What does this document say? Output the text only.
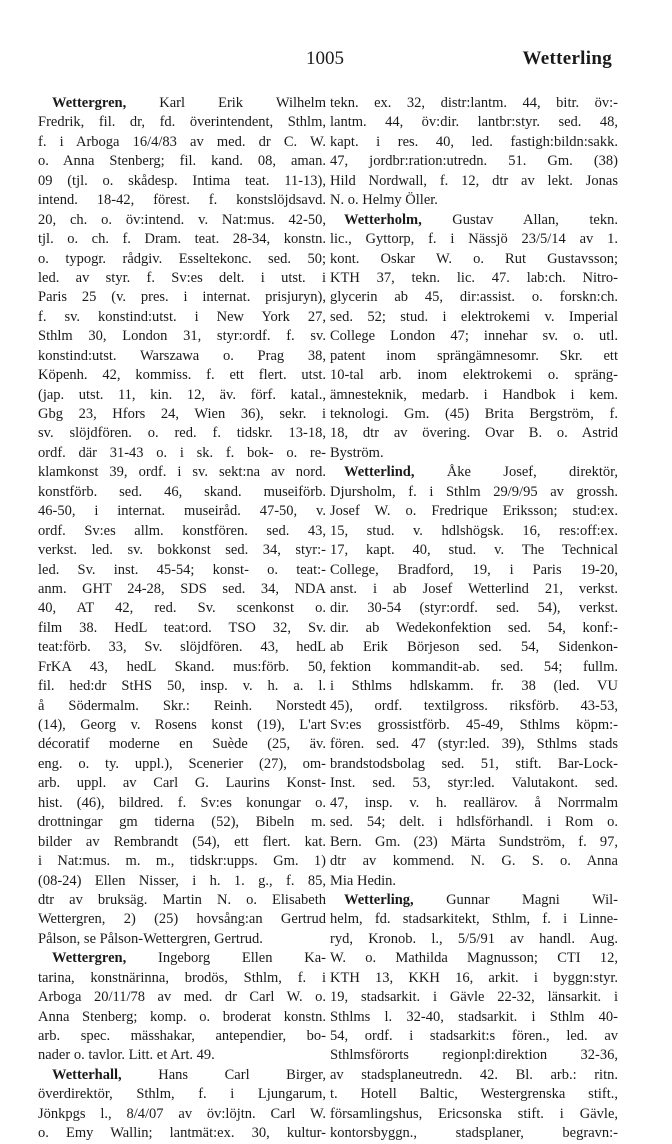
1005	Wetterling
Wettergren, Karl Erik Wilhelm
Fredrik, fil. dr, fd. överintendent, Sthlm,
f. i Arboga 16/4/83 av med. dr C. W.
o. Anna Stenberg; fil. kand. 08, aman.
09 (tjl. o. skådesp. Intima teat. 11-13),
intend. 18-42, förest. f. konstslöjdsavd.
20, ch. o. öv:intend. v. Nat:mus. 42-50,
tjl. o. ch. f. Dram. teat. 28-34, konstn.
o. typogr. rådgiv. Esseltekonc. sed. 50;
led. av styr. f. Sv:es delt. i utst. i
Paris 25 (v. pres. i internat. prisjuryn),
f. sv. konstind:utst. i New York 27,
Sthlm 30, London 31, styr:ordf. f. sv.
konstind:utst. Warszawa o. Prag 38,
Köpenh. 42, kommiss. f. ett flert. utst.
(jap. utst. 11, kin. 12, äv. förf. katal.,
Gbg 23, Hfors 24, Wien 36), sekr. i
sv. slöjdfören. o. red. f. tidskr. 13-18,
ordf. där 31-43 o. i sk. f. bok- o. re-
klamkonst 39, ordf. i sv. sekt:na av nord.
konstförb. sed. 46, skand. museiförb.
46-50, i internat. museiråd. 47-50, v.
ordf. Sv:es allm. konstfören. sed. 43,
verkst. led. sv. bokkonst sed. 34, styr:-
led. Sv. inst. 45-54; konst- o. teat:-
anm. GHT 24-28, SDS sed. 34, NDA
40, AT 42, red. Sv. scenkonst o.
film 38. HedL teat:ord. TSO 32, Sv.
teat:förb. 33, Sv. slöjdfören. 43, hedL
FrKA 43, hedL Skand. mus:förb. 50,
fil. hed:dr StHS 50, insp. v. h. a. l.
å Södermalm. Skr.: Reinh. Norstedt
(14), Georg v. Rosens konst (19), L'art
décoratif moderne en Suède (25, äv.
eng. o. ty. uppl.), Scenerier (27), om-
arb. uppl. av Carl G. Laurins Konst-
hist. (46), bildred. f. Sv:es konungar o.
drottningar gm tiderna (52), Bibeln m.
bilder av Rembrandt (54), ett flert. kat.
i Nat:mus. m. m., tidskr:upps. Gm. 1)
(08-24) Ellen Nisser, i h. 1. g., f. 85,
dtr av bruksäg. Martin N. o. Elisabeth
Wettergren, 2) (25) hovsång:an Gertrud
Pålson, se Pålson-Wettergren, Gertrud.
Wettergren, Ingeborg Ellen Ka-
tarina, konstnärinna, brodös, Sthlm, f. i
Arboga 20/11/78 av med. dr Carl W. o.
Anna Stenberg; komp. o. broderat konstn.
arb. spec. mässhakar, antependier, bo-
nader o. tavlor. Litt. et Art. 49.
Wetterhall, Hans Carl Birger,
överdirektör, Sthlm, f. i Ljungarum,
Jönkpgs l., 8/4/07 av öv:löjtn. Carl W.
o. Emy Wallin; lantmät:ex. 30, kultur-
tekn. ex. 32, distr:lantm. 44, bitr. öv:-
lantm. 44, öv:dir. lantbr:styr. sed. 48,
kapt. i res. 40, led. fastigh:bildn:sakk.
47, jordbr:ration:utredn. 51. Gm. (38)
Hild Nordwall, f. 12, dtr av lekt. Jonas
N. o. Helmy Öller.
Wetterholm, Gustav Allan, tekn.
lic., Gyttorp, f. i Nässjö 23/5/14 av 1.
kont. Oskar W. o. Rut Gustavsson;
KTH 37, tekn. lic. 47. lab:ch. Nitro-
glycerin ab 45, dir:assist. o. forskn:ch.
sed. 52; stud. i elektrokemi v. Imperial
College London 47; innehar sv. o. utl.
patent inom sprängämnesomr. Skr. ett
10-tal arb. inom elektrokemi o. spräng-
ämnesteknik, medarb. i Handbok i kem.
teknologi. Gm. (45) Brita Bergström, f.
18, dtr av övering. Ovar B. o. Astrid
Byström.
Wetterlind, Åke Josef, direktör,
Djursholm, f. i Sthlm 29/9/95 av grossh.
Josef W. o. Fredrique Eriksson; stud:ex.
15, stud. v. hdlshögsk. 16, res:off:ex.
17, kapt. 40, stud. v. The Technical
College, Bradford, 19, i Paris 19-20,
anst. i ab Josef Wetterlind 21, verkst.
dir. 30-54 (styr:ordf. sed. 54), verkst.
dir. ab Wedekonfektion sed. 54, konf:-
ab Erik Börjeson sed. 54, Sidenkon-
fektion kommandit-ab. sed. 54; fullm.
i Sthlms hdlskamm. fr. 38 (led. VU
45), ordf. textilgross. riksförb. 43-53,
Sv:es grossistförb. 45-49, Sthlms köpm:-
fören. sed. 47 (styr:led. 39), Sthlms stads
brandstodsbolag sed. 51, stift. Bar-Lock-
Inst. sed. 53, styr:led. Valutakont. sed.
47, insp. v. h. reallärov. å Norrmalm
sed. 54; delt. i hdlsförhandl. i Rom o.
Bern. Gm. (23) Märta Sundström, f. 97,
dtr av kommend. N. G. S. o. Anna
Mia Hedin.
Wetterling, Gunnar Magni Wil-
helm, fd. stadsarkitekt, Sthlm, f. i Linne-
ryd, Kronob. l., 5/5/91 av handl. Aug.
W. o. Mathilda Magnusson; CTI 12,
KTH 13, KKH 16, arkit. i byggn:styr.
19, stadsarkit. i Gävle 22-32, länsarkit. i
Sthlms l. 32-40, stadsarkit. i Sthlm 40-
54, ordf. i stadsarkit:s fören., led. av
Sthlmsförorts regionpl:direktion 32-36,
av stadsplaneutredn. 42. Bl. arb.: ritn.
t. Hotell Baltic, Westergrenska stift.,
församlingshus, Ericsonska stift. i Gävle,
kontorsbyggn., stadsplaner, begravn:-
